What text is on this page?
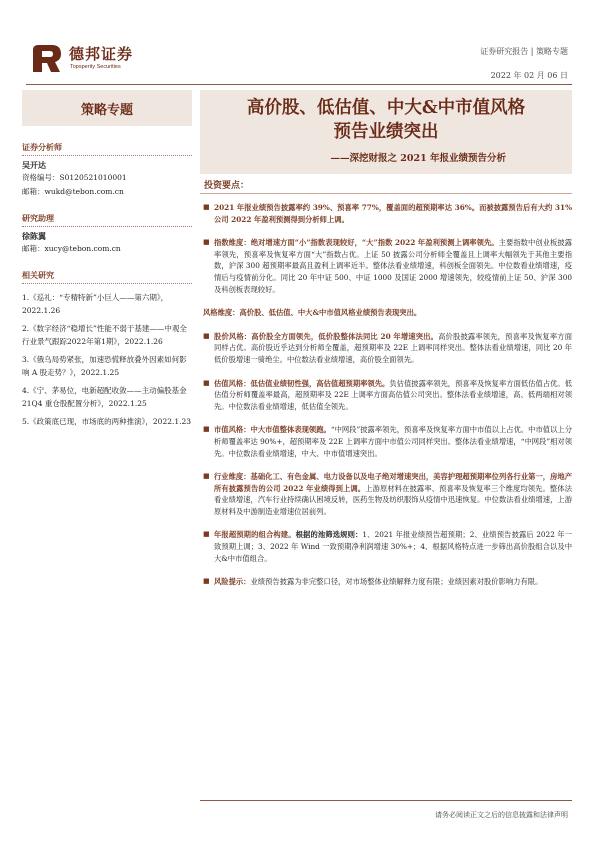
德邦证券
Topsperity Securities
证券研究报告 | 策略专题
2022 年 02 月 06 日
策略专题
证券分析师
吴开达
资格编号：S0120521010001
邮箱：wukd@tebon.com.cn
研究助理
徐陈翼
邮箱：xucy@tebon.com.cn
相关研究
1.《巡礼：“专精特新”小巨人——第六期》，2022.1.26
2.《数字经济“稳增长”性能不弱于基建——中观全行业景气跟踪2022年第1期》，2022.1.26
3.《俄乌局势紧张，加速恐慌释放叠外因素如何影响 A 股走势？》，2022.1.25
4.《宁、茅易位，电新超配收敛——主动偏股基金 21Q4 重仓股配置分析》，2022.1.25
5.《政策底已现，市场底的两种推演》，2022.1.23
高价股、低估值、中大&中市值风格
预告业绩突出
——深挖财报之 2021 年报业绩预告分析
投资要点：
■ 2021 年报业绩预告披露率约 39%、预喜率 77%，覆盖面的超预期率达 36%。而被披露预告后有大约 31%公司 2022 年盈利预测得到分析师上调。
■ 指数维度：绝对增速方面“小”指数表现较好，“大”指数 2022 年盈利预测上调率领先。主要指数中创业板披露率领先，预喜率及恢复率方面“大”指数占优。上证 50 披露公司分析师全覆盖且上调率大幅领先于其他主要指数，沪深 300 超预期率最高且盈利上调率近半。整体法看业绩增速，科创板全面领先。中位数看业绩增速，疫情后与疫情前分化。同比 20 年中证 500、中证 1000 及国证 2000 增速领先，较疫情前上证 50、沪深 300 及科创板表现较好。
风格维度：高价股、低估值、中大&中市值风格业绩预告表现突出。
■ 股价风格：高价股全方面领先，低价股整体法同比 20 年增速突出。高价股披露率领先，预喜率及恢复率方面同样占优。高价股近乎达到分析师全覆盖，超预期率及 22E 上调率同样突出。整体法看业绩增速，同比 20 年低价股增速一骑绝尘。中位数法看业绩增速，高价股全面领先。
■ 估值风格：低估值业绩韧性强，高估值超预期率领先。负估值披露率领先，预喜率及恢复率方面低估值占优。低估值分析师覆盖率最高，超预期率及 22E 上调率方面高估值公司突出。整体法看业绩增速，高、低两端相对领先。中位数法看业绩增速，低估值全领先。
■ 市值风格：中大市值整体表现领跑。“中网段”披露率领先，预喜率及恢复率方面中市值以上占优。中市值以上分析师覆盖率达 90%+，超预期率及 22E 上调率方面中市值公司同样突出。整体法看业绩增速，“中网段”相对领先。中位数法看业绩增速，中大、中市值增速突出。
■ 行业维度：基础化工、有色金属、电力设备以及电子绝对增速突出，美容护理超预期率位列各行业第一，房地产所有披露预告的公司 2022 年业绩得到上调。上游原材料在披露率、预喜率及恢复率三个维度均领先。整体法看业绩增速，汽车行业持续确认困境反转，医药生物及纺织服饰从疫情中迅速恢复。中位数法看业绩增速，上游原材料及中游制造业增速位居前列。
■ 年报超预期的组合构建。根据的池筛选规则：1、2021 年报业绩预告超预期；2、业绩预告披露后 2022 年一致预期上调；3、2022 年 Wind 一致预期净利润增速 30%+；4、根据风格特点进一步筛出高价股组合以及中大&中市值组合。
■ 风险提示：业绩预告披露为非完整口径，对市场整体业绩解释力度有限；业绩因素对股价影响力有限。
请务必阅读正文之后的信息披露和法律声明
